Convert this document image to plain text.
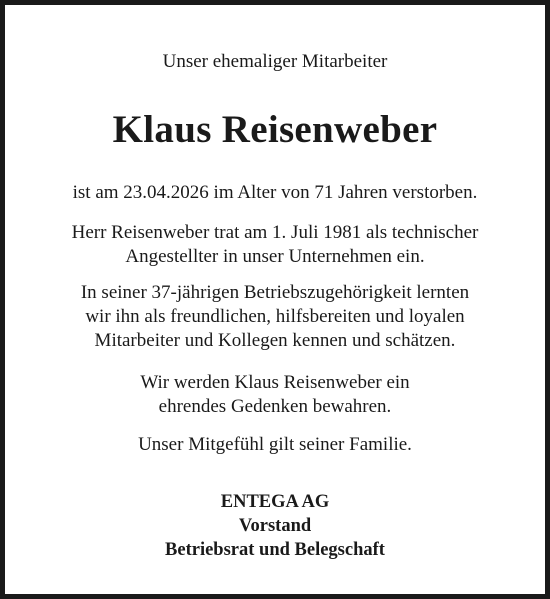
Unser ehemaliger Mitarbeiter
Klaus Reisenweber
ist am 23.04.2026 im Alter von 71 Jahren verstorben.
Herr Reisenweber trat am 1. Juli 1981 als technischer
Angestellter in unser Unternehmen ein.
In seiner 37-jährigen Betriebszugehörigkeit lernten
wir ihn als freundlichen, hilfsbereiten und loyalen
Mitarbeiter und Kollegen kennen und schätzen.
Wir werden Klaus Reisenweber ein
ehrendes Gedenken bewahren.
Unser Mitgefühl gilt seiner Familie.
ENTEGA AG
Vorstand
Betriebsrat und Belegschaft
